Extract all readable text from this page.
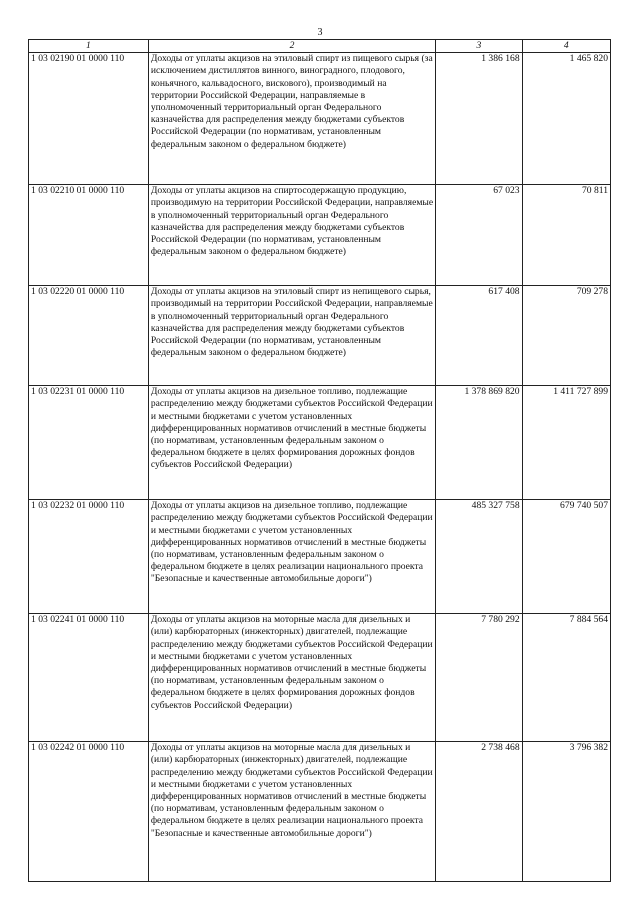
3
1	2	3	4
1 03 02190 01 0000 110	Доходы от уплаты акцизов на этиловый спирт из пищевого сырья (за исключением дистиллятов винного, виноградного, плодового, коньячного, кальвадосного, вискового), производимый на территории Российской Федерации, направляемые в уполномоченный территориальный орган Федерального казначейства для распределения между бюджетами субъектов Российской Федерации (по нормативам, установленным федеральным законом о федеральном бюджете)	1 386 168	1 465 820
1 03 02210 01 0000 110	Доходы от уплаты акцизов на спиртосодержащую продукцию, производимую на территории Российской Федерации, направляемые в уполномоченный территориальный орган Федерального казначейства для распределения между бюджетами субъектов Российской Федерации (по нормативам, установленным федеральным законом о федеральном бюджете)	67 023	70 811
1 03 02220 01 0000 110	Доходы от уплаты акцизов на этиловый спирт из непищевого сырья, производимый на территории Российской Федерации, направляемые в уполномоченный территориальный орган Федерального казначейства для распределения между бюджетами субъектов Российской Федерации (по нормативам, установленным федеральным законом о федеральном бюджете)	617 408	709 278
1 03 02231 01 0000 110	Доходы от уплаты акцизов на дизельное топливо, подлежащие распределению между бюджетами субъектов Российской Федерации и местными бюджетами с учетом установленных дифференцированных нормативов отчислений в местные бюджеты (по нормативам, установленным федеральным законом о федеральном бюджете в целях формирования дорожных фондов субъектов Российской Федерации)	1 378 869 820	1 411 727 899
1 03 02232 01 0000 110	Доходы от уплаты акцизов на дизельное топливо, подлежащие распределению между бюджетами субъектов Российской Федерации и местными бюджетами с учетом установленных дифференцированных нормативов отчислений в местные бюджеты (по нормативам, установленным федеральным законом о федеральном бюджете в целях реализации национального проекта "Безопасные и качественные автомобильные дороги")	485 327 758	679 740 507
1 03 02241 01 0000 110	Доходы от уплаты акцизов на моторные масла для дизельных и (или) карбюраторных (инжекторных) двигателей, подлежащие распределению между бюджетами субъектов Российской Федерации и местными бюджетами с учетом установленных дифференцированных нормативов отчислений в местные бюджеты (по нормативам, установленным федеральным законом о федеральном бюджете в целях формирования дорожных фондов субъектов Российской Федерации)	7 780 292	7 884 564
1 03 02242 01 0000 110	Доходы от уплаты акцизов на моторные масла для дизельных и (или) карбюраторных (инжекторных) двигателей, подлежащие распределению между бюджетами субъектов Российской Федерации и местными бюджетами с учетом установленных дифференцированных нормативов отчислений в местные бюджеты (по нормативам, установленным федеральным законом о федеральном бюджете в целях реализации национального проекта "Безопасные и качественные автомобильные дороги")	2 738 468	3 796 382
